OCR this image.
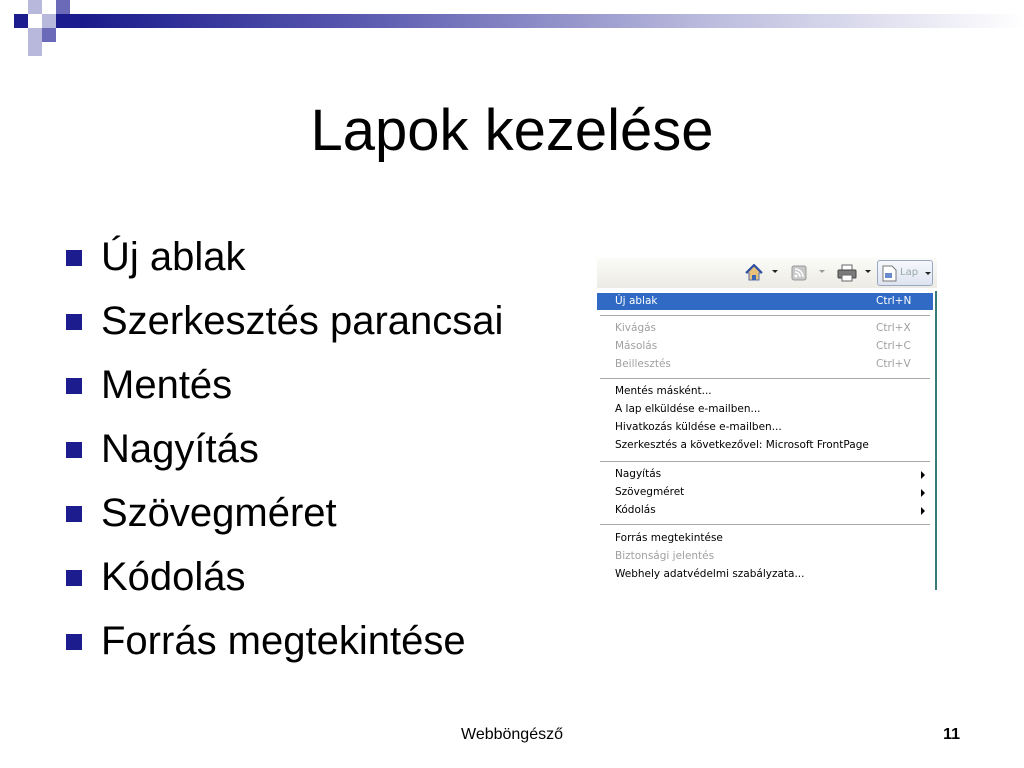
Lapok kezelése
Új ablak
Szerkesztés parancsai
Mentés
Nagyítás
Szövegméret
Kódolás
Forrás megtekintése
Lap
Új ablak	Ctrl+N
Kivágás	Ctrl+X
Másolás	Ctrl+C
Beillesztés	Ctrl+V
Mentés másként...
A lap elküldése e-mailben...
Hivatkozás küldése e-mailben...
Szerkesztés a következővel: Microsoft FrontPage
Nagyítás
Szövegméret
Kódolás
Forrás megtekintése
Biztonsági jelentés
Webhely adatvédelmi szabályzata...
Webböngésző	11
